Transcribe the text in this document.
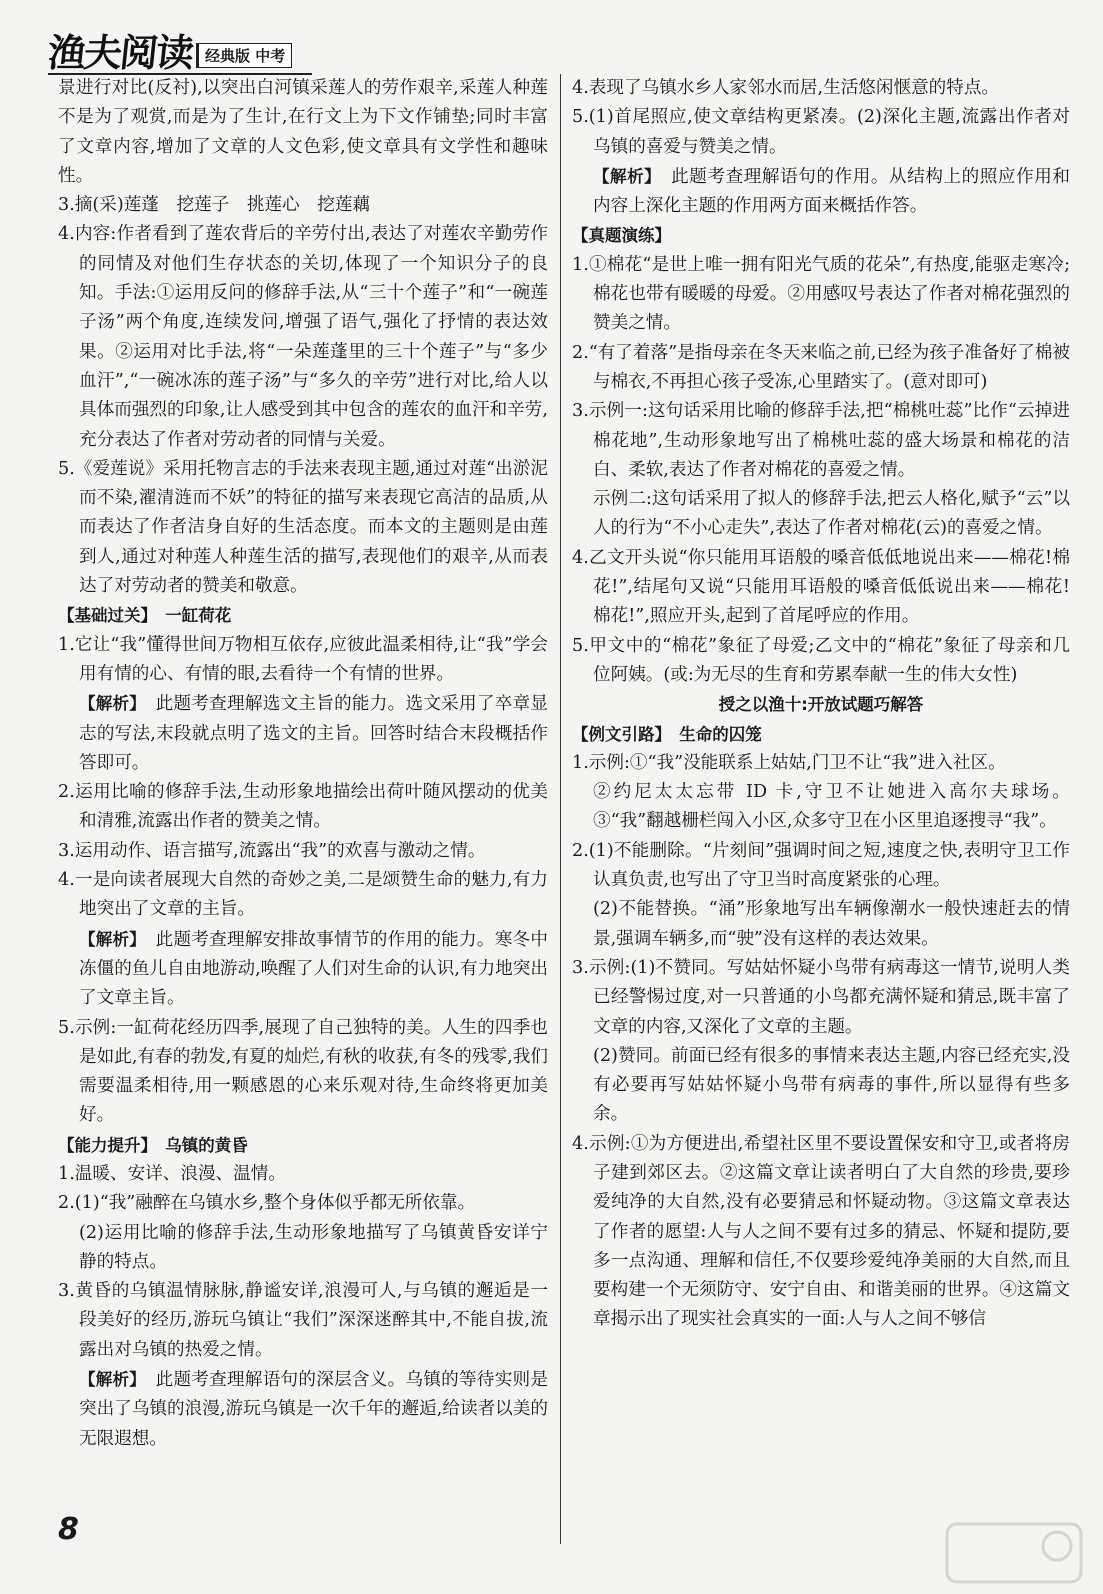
渔夫阅读 经典版 中考

景进行对比(反衬),以突出白河镇采莲人的劳作艰辛,采莲人种莲不是为了观赏,而是为了生计,在行文上为下文作铺垫;同时丰富了文章内容,增加了文章的人文色彩,使文章具有文学性和趣味性。

3.摘(采)莲蓬　挖莲子　挑莲心　挖莲藕

4.内容:作者看到了莲农背后的辛劳付出,表达了对莲农辛勤劳作的同情及对他们生存状态的关切,体现了一个知识分子的良知。手法:①运用反问的修辞手法,从“三十个莲子”和“一碗莲子汤”两个角度,连续发问,增强了语气,强化了抒情的表达效果。②运用对比手法,将“一朵莲蓬里的三十个莲子”与“多少血汗”,“一碗冰冻的莲子汤”与“多久的辛劳”进行对比,给人以具体而强烈的印象,让人感受到其中包含的莲农的血汗和辛劳,充分表达了作者对劳动者的同情与关爱。

5.《爱莲说》采用托物言志的手法来表现主题,通过对莲“出淤泥而不染,濯清涟而不妖”的特征的描写来表现它高洁的品质,从而表达了作者洁身自好的生活态度。而本文的主题则是由莲到人,通过对种莲人种莲生活的描写,表现他们的艰辛,从而表达了对劳动者的赞美和敬意。

【基础过关】　一缸荷花

1.它让“我”懂得世间万物相互依存,应彼此温柔相待,让“我”学会用有情的心、有情的眼,去看待一个有情的世界。

【解析】　此题考查理解选文主旨的能力。选文采用了卒章显志的写法,末段就点明了选文的主旨。回答时结合末段概括作答即可。

2.运用比喻的修辞手法,生动形象地描绘出荷叶随风摆动的优美和清雅,流露出作者的赞美之情。

3.运用动作、语言描写,流露出“我”的欢喜与激动之情。

4.一是向读者展现大自然的奇妙之美,二是颂赞生命的魅力,有力地突出了文章的主旨。

【解析】　此题考查理解安排故事情节的作用的能力。寒冬中冻僵的鱼儿自由地游动,唤醒了人们对生命的认识,有力地突出了文章主旨。

5.示例:一缸荷花经历四季,展现了自己独特的美。人生的四季也是如此,有春的勃发,有夏的灿烂,有秋的收获,有冬的残零,我们需要温柔相待,用一颗感恩的心来乐观对待,生命终将更加美好。

【能力提升】　乌镇的黄昏

1.温暖、安详、浪漫、温情。

2.(1)“我”融醉在乌镇水乡,整个身体似乎都无所依靠。

(2)运用比喻的修辞手法,生动形象地描写了乌镇黄昏安详宁静的特点。

3.黄昏的乌镇温情脉脉,静谧安详,浪漫可人,与乌镇的邂逅是一段美好的经历,游玩乌镇让“我们”深深迷醉其中,不能自拔,流露出对乌镇的热爱之情。

【解析】　此题考查理解语句的深层含义。乌镇的等待实则是突出了乌镇的浪漫,游玩乌镇是一次千年的邂逅,给读者以美的无限遐想。

4.表现了乌镇水乡人家邻水而居,生活悠闲惬意的特点。

5.(1)首尾照应,使文章结构更紧凑。(2)深化主题,流露出作者对乌镇的喜爱与赞美之情。

【解析】　此题考查理解语句的作用。从结构上的照应作用和内容上深化主题的作用两方面来概括作答。

【真题演练】

1.①棉花“是世上唯一拥有阳光气质的花朵”,有热度,能驱走寒冷;棉花也带有暖暖的母爱。②用感叹号表达了作者对棉花强烈的赞美之情。

2.“有了着落”是指母亲在冬天来临之前,已经为孩子准备好了棉被与棉衣,不再担心孩子受冻,心里踏实了。(意对即可)

3.示例一:这句话采用比喻的修辞手法,把“棉桃吐蕊”比作“云掉进棉花地”,生动形象地写出了棉桃吐蕊的盛大场景和棉花的洁白、柔软,表达了作者对棉花的喜爱之情。

示例二:这句话采用了拟人的修辞手法,把云人格化,赋予“云”以人的行为“不小心走失”,表达了作者对棉花(云)的喜爱之情。

4.乙文开头说“你只能用耳语般的嗓音低低地说出来——棉花!棉花!”,结尾句又说“只能用耳语般的嗓音低低说出来——棉花!棉花!”,照应开头,起到了首尾呼应的作用。

5.甲文中的“棉花”象征了母爱;乙文中的“棉花”象征了母亲和几位阿姨。(或:为无尽的生育和劳累奉献一生的伟大女性)

授之以渔十:开放试题巧解答

【例文引路】　生命的囚笼

1.示例:①“我”没能联系上姑姑,门卫不让“我”进入社区。

②约尼太太忘带 ID 卡,守卫不让她进入高尔夫球场。③“我”翻越栅栏闯入小区,众多守卫在小区里追逐搜寻“我”。

2.(1)不能删除。“片刻间”强调时间之短,速度之快,表明守卫工作认真负责,也写出了守卫当时高度紧张的心理。

(2)不能替换。“涌”形象地写出车辆像潮水一般快速赶去的情景,强调车辆多,而“驶”没有这样的表达效果。

3.示例:(1)不赞同。写姑姑怀疑小鸟带有病毒这一情节,说明人类已经警惕过度,对一只普通的小鸟都充满怀疑和猜忌,既丰富了文章的内容,又深化了文章的主题。

(2)赞同。前面已经有很多的事情来表达主题,内容已经充实,没有必要再写姑姑怀疑小鸟带有病毒的事件,所以显得有些多余。

4.示例:①为方便进出,希望社区里不要设置保安和守卫,或者将房子建到郊区去。②这篇文章让读者明白了大自然的珍贵,要珍爱纯净的大自然,没有必要猜忌和怀疑动物。③这篇文章表达了作者的愿望:人与人之间不要有过多的猜忌、怀疑和提防,要多一点沟通、理解和信任,不仅要珍爱纯净美丽的大自然,而且要构建一个无须防守、安宁自由、和谐美丽的世界。④这篇文章揭示出了现实社会真实的一面:人与人之间不够信

8
